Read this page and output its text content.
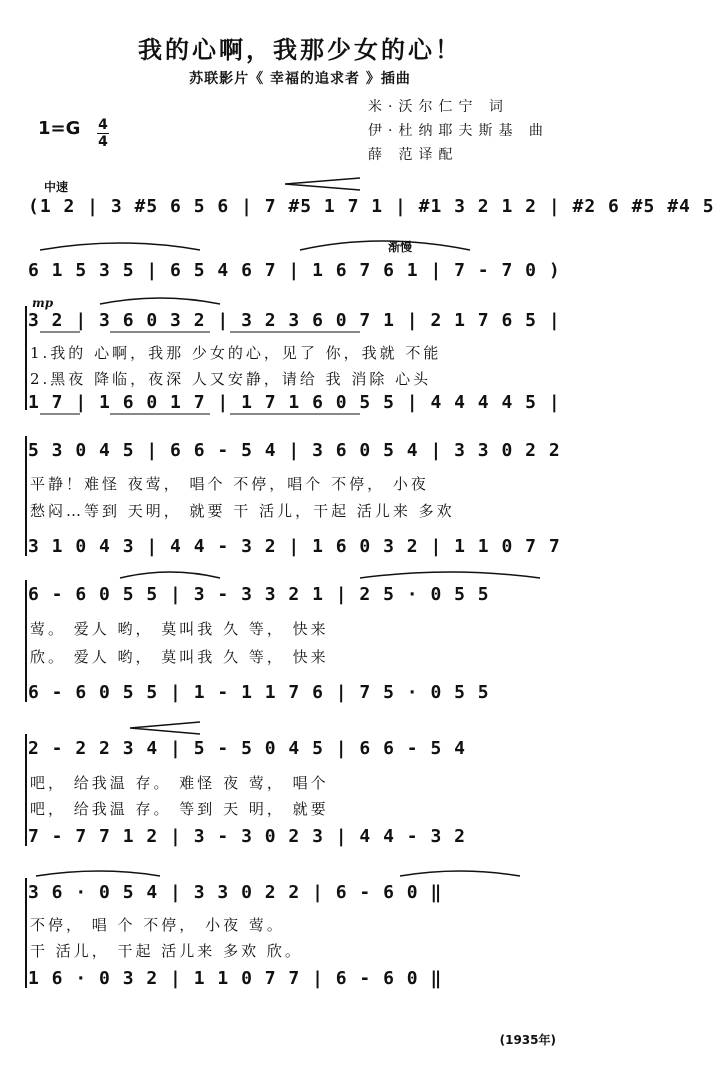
我的心啊，我那少女的心！
苏联影片《 幸福的追求者 》插曲
米·沃尔仁宁 词
伊·杜纳耶夫斯基 曲
薛 范译配
1=G 4
4
中速
渐慢
mp
(1 2 | 3 #5 6 5 6 | 7 #5 1 7 1 | #1 3 2 1 2 | #2 6 #5 #4 5
6 1 5 3 5 | 6 5 4 6 7 | 1 6 7 6 1 | 7 - 7 0 )
3 2 | 3 6 0 3 2 | 3 2 3 6 0 7 1 | 2 1 7 6 5 |
1.我的 心啊，我那 少女的心，见了 你，我就 不能
2.黑夜 降临，夜深 人又安静，请给 我 消除 心头
1 7 | 1 6 0 1 7 | 1 7 1 6 0 5 5 | 4 4 4 4 5 |
5 3 0 4 5 | 6 6 - 5 4 | 3 6 0 5 4 | 3 3 0 2 2
平静！难怪 夜莺， 唱个 不停，唱个 不停， 小夜
愁闷…等到 天明， 就要 干 活儿，干起 活儿来 多欢
3 1 0 4 3 | 4 4 - 3 2 | 1 6 0 3 2 | 1 1 0 7 7
6 - 6 0 5 5 | 3 - 3 3 2 1 | 2 5 · 0 5 5
莺。 爱人 哟， 莫叫我 久 等， 快来
欣。 爱人 哟， 莫叫我 久 等， 快来
6 - 6 0 5 5 | 1 - 1 1 7 6 | 7 5 · 0 5 5
2 - 2 2 3 4 | 5 - 5 0 4 5 | 6 6 - 5 4
吧， 给我温 存。 难怪 夜 莺， 唱个
吧， 给我温 存。 等到 天 明， 就要
7 - 7 7 1 2 | 3 - 3 0 2 3 | 4 4 - 3 2
3 6 · 0 5 4 | 3 3 0 2 2 | 6 - 6 0 ‖
不停， 唱 个 不停， 小夜 莺。
干 活儿， 干起 活儿来 多欢 欣。
1 6 · 0 3 2 | 1 1 0 7 7 | 6 - 6 0 ‖
(1935年)
